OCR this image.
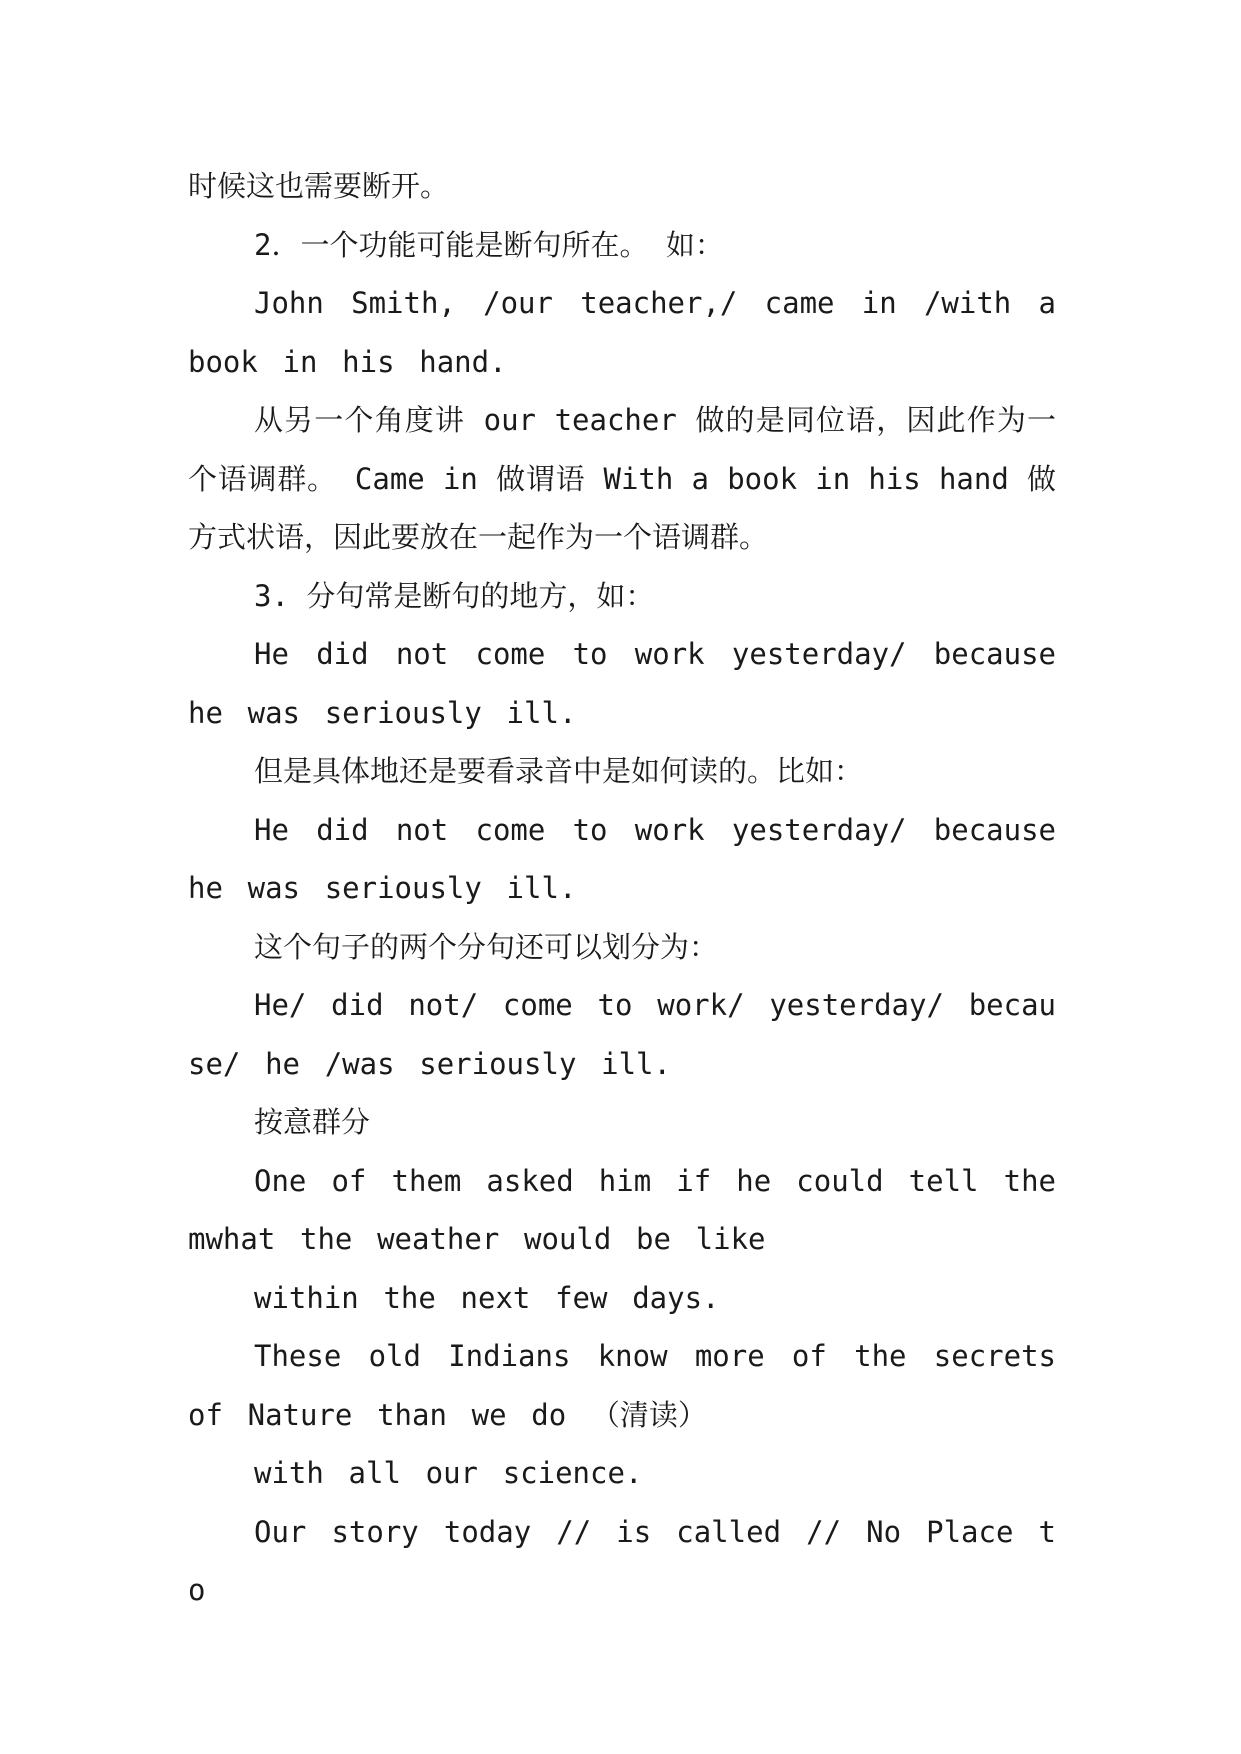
时候这也需要断开。

2．一个功能可能是断句所在。 如：

John Smith, /our teacher,/ came in /with a book in his hand.

从另一个角度讲 our teacher 做的是同位语，因此作为一个语调群。 Came in 做谓语 With a book in his hand 做方式状语，因此要放在一起作为一个语调群。

3. 分句常是断句的地方，如：

He did not come to work yesterday/ because he was seriously ill.

但是具体地还是要看录音中是如何读的。比如：

He did not come to work yesterday/ because he was seriously ill.

这个句子的两个分句还可以划分为：

He/ did not/ come to work/ yesterday/ because/ he /was seriously ill.

按意群分

One of them asked him if he could tell themwhat the weather would be like

within the next few days.

These old Indians know more of the secrets of Nature than we do （清读）

with all our science.

Our story today // is called // No Place to
